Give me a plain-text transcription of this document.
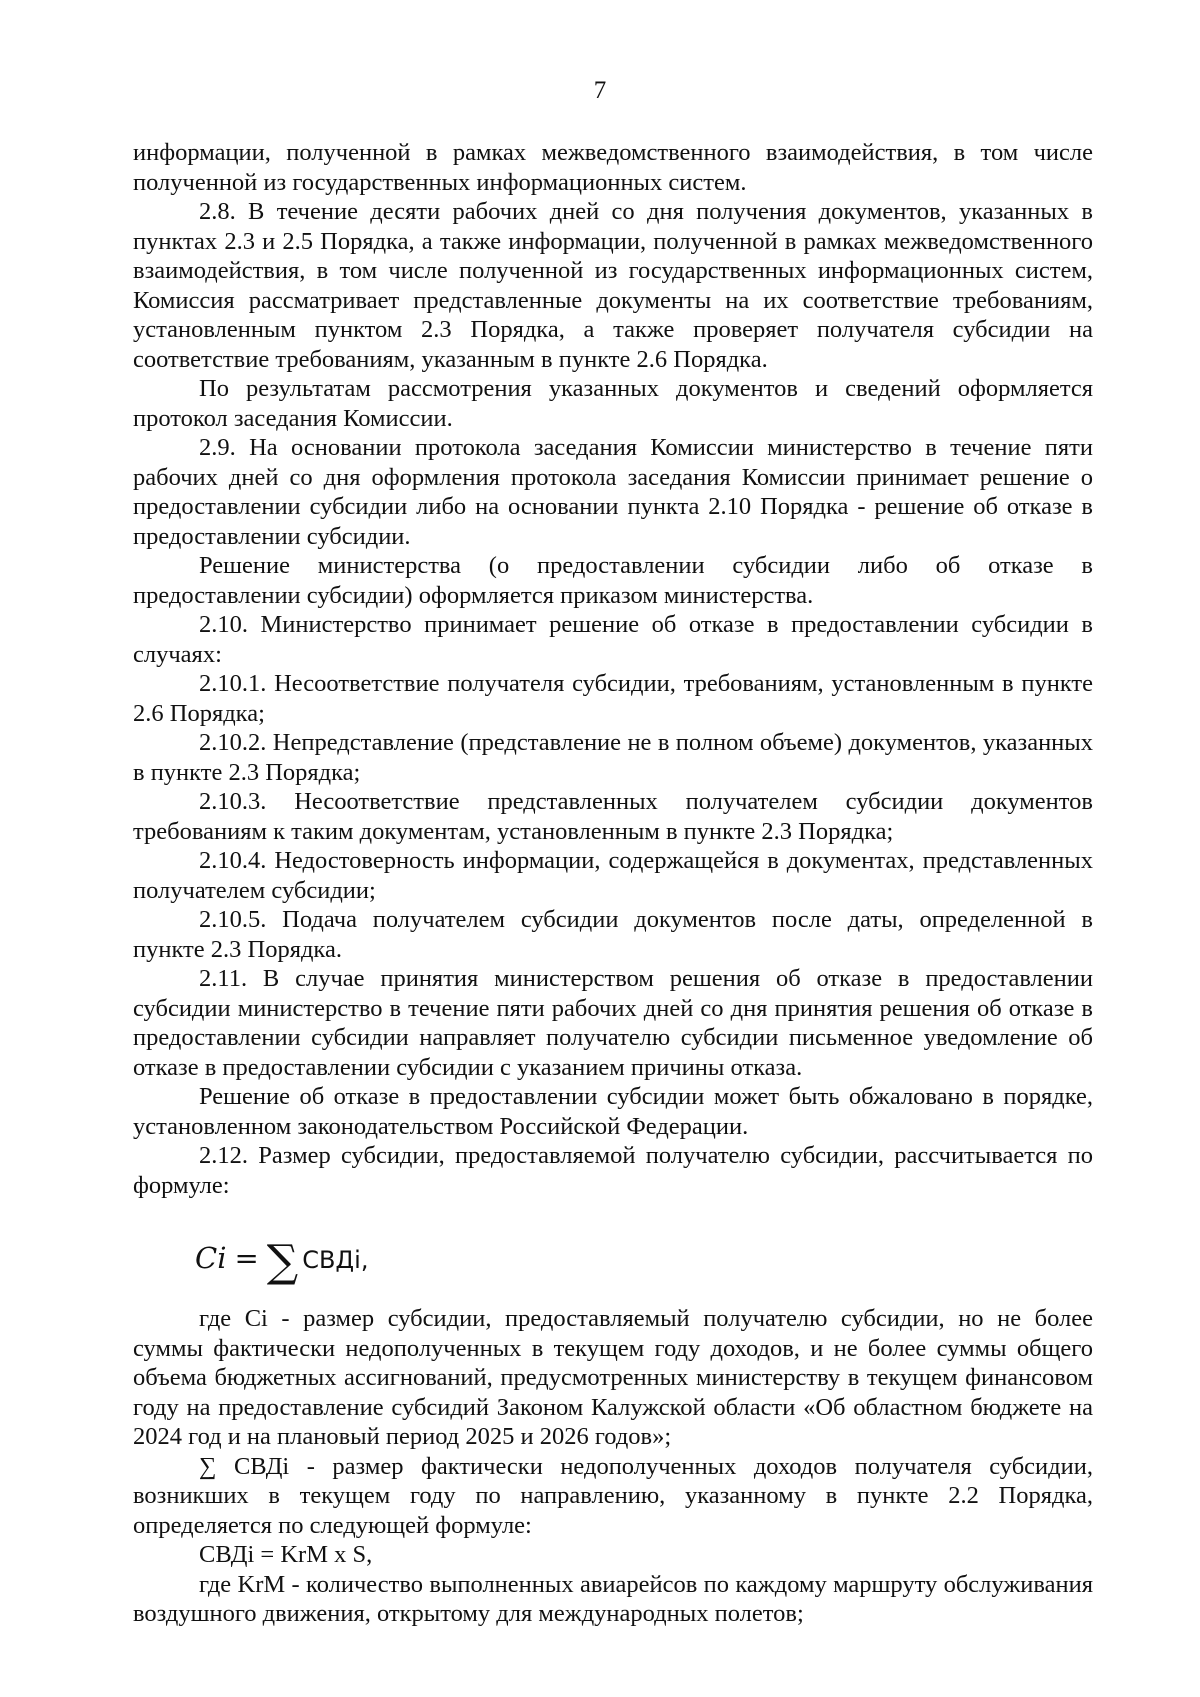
7

информации, полученной в рамках межведомственного взаимодействия, в том числе полученной из государственных информационных систем.

2.8. В течение десяти рабочих дней со дня получения документов, указанных в пунктах 2.3 и 2.5 Порядка, а также информации, полученной в рамках межведомственного взаимодействия, в том числе полученной из государственных информационных систем, Комиссия рассматривает представленные документы на их соответствие требованиям, установленным пунктом 2.3 Порядка, а также проверяет получателя субсидии на соответствие требованиям, указанным в пункте 2.6 Порядка.

По результатам рассмотрения указанных документов и сведений оформляется протокол заседания Комиссии.

2.9. На основании протокола заседания Комиссии министерство в течение пяти рабочих дней со дня оформления протокола заседания Комиссии принимает решение о предоставлении субсидии либо на основании пункта 2.10 Порядка - решение об отказе в предоставлении субсидии.

Решение министерства (о предоставлении субсидии либо об отказе в предоставлении субсидии) оформляется приказом министерства.

2.10. Министерство принимает решение об отказе в предоставлении субсидии в случаях:

2.10.1. Несоответствие получателя субсидии, требованиям, установленным в пункте 2.6 Порядка;

2.10.2. Непредставление (представление не в полном объеме) документов, указанных в пункте 2.3 Порядка;

2.10.3. Несоответствие представленных получателем субсидии документов требованиям к таким документам, установленным в пункте 2.3 Порядка;

2.10.4. Недостоверность информации, содержащейся в документах, представленных получателем субсидии;

2.10.5. Подача получателем субсидии документов после даты, определенной в пункте 2.3 Порядка.

2.11. В случае принятия министерством решения об отказе в предоставлении субсидии министерство в течение пяти рабочих дней со дня принятия решения об отказе в предоставлении субсидии направляет получателю субсидии письменное уведомление об отказе в предоставлении субсидии с указанием причины отказа.

Решение об отказе в предоставлении субсидии может быть обжаловано в порядке, установленном законодательством Российской Федерации.

2.12. Размер субсидии, предоставляемой получателю субсидии, рассчитывается по формуле:

Ci = ∑ СВДi,

где Ci - размер субсидии, предоставляемый получателю субсидии, но не более суммы фактически недополученных в текущем году доходов, и не более суммы общего объема бюджетных ассигнований, предусмотренных министерству в текущем финансовом году на предоставление субсидий Законом Калужской области «Об областном бюджете на 2024 год и на плановый период 2025 и 2026 годов»;

∑ СВДi - размер фактически недополученных доходов получателя субсидии, возникших в текущем году по направлению, указанному в пункте 2.2 Порядка, определяется по следующей формуле:

СВДi = KrM x S,

где KrM - количество выполненных авиарейсов по каждому маршруту обслуживания воздушного движения, открытому для международных полетов;
